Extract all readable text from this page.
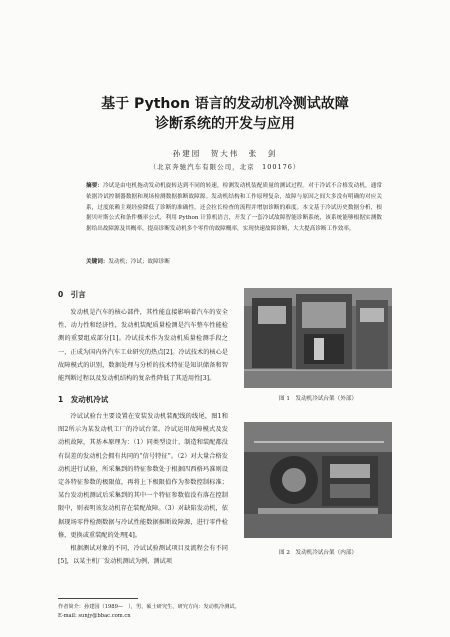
基于 Python 语言的发动机冷测试故障
诊断系统的开发与应用
孙建园　贺大伟　张　剑
（北京奔驰汽车有限公司，北京　100176）
摘要：冷试是由电机拖动发动机旋转达到不同的转速，检测发动机装配质量的测试过程。对于冷试不合格发动机，通常依据冷试控制器数据和现场检测数据推断故障源。发动机结构和工作原理复杂，故障与原因之间大多没有明确的对应关系，过度依赖主观经验降低了诊断的准确性，还会拉长检查的流程并增加诊断的难度。本文基于冷试历史数据分析，根据贝叶斯公式和条件概率公式，利用 Python 计算机语言，开发了一套冷试故障智能诊断系统，该系统能够根据实测数据给出故障源及其概率，提高诊断发动机多个零件的故障概率，实现快速故障诊断，大大提高诊断工作效率。
关键词：发动机；冷试；故障诊断
0　引言

发动机是汽车的核心部件，其性能直接影响着汽车的安全性、动力性和经济性，发动机装配质量检测是汽车整车性能检测的重要组成部分[1]。冷试技术作为发动机质量检测手段之一，正成为国内外汽车工业研究的热点[2]。冷试技术的核心是故障模式的识别，数据处理与分析的技术特征是知识储备和智能判断过程以及发动机结构的复杂性降低了其适用性[3]。

1　发动机冷试

冷试试验台主要设置在安装发动机装配线的线尾，图1和图2所示为某发动机工厂的冷试台架。冷试运用故障模式及发动机故障，其基本原理为：（1）同类型设计、制造和装配都没有误差的发动机会拥有共同的“信号特征”。（2）对大量合格发动机进行试验，所采集到的特征参数处于根据四西格玛准则设定各特征参数的极限值，再将上下极限值作为参数控制标准；某台发动机测试后采集到的其中一个特征参数值没有落在控制限中，则表明该发动机存在装配故障。（3）对缺陷发动机，依据现场零件检测数据与冷试性能数据推断故障源，进行零件检修，更换或重装配的处理[4]。

根据测试对象的不同，冷试试验测试项目及流程会有不同[5]，以某主机厂发动机测试为例，测试项

图 1　发动机冷试台架（外部）
图 2　发动机冷试台架（内部）
作者简介：孙建园（1989—　），男，硕士研究生，研究方向：发动机冷测试。
E-mail: sunjy@bbac.com.cn
